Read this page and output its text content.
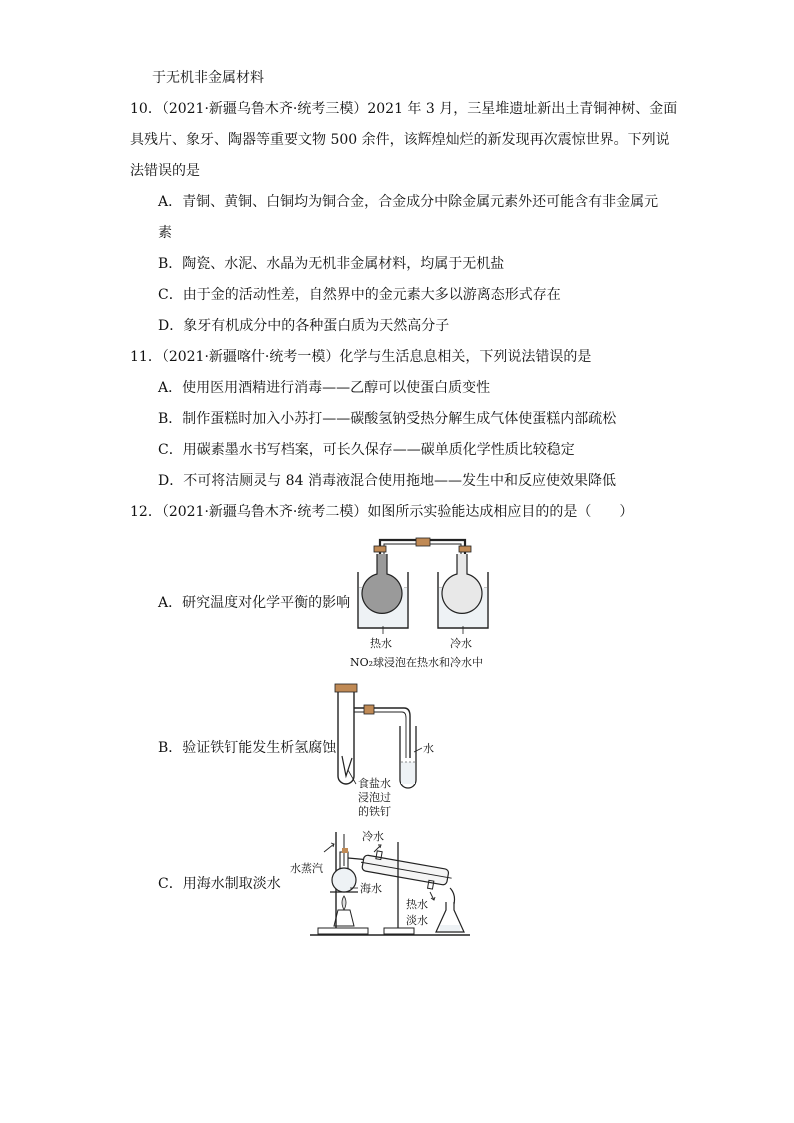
于无机非金属材料
10．（2021·新疆乌鲁木齐·统考三模）2021 年 3 月，三星堆遗址新出土青铜神树、金面
具残片、象牙、陶器等重要文物 500 余件，该辉煌灿烂的新发现再次震惊世界。下列说
法错误的是
A．青铜、黄铜、白铜均为铜合金，合金成分中除金属元素外还可能含有非金属元
素
B．陶瓷、水泥、水晶为无机非金属材料，均属于无机盐
C．由于金的活动性差，自然界中的金元素大多以游离态形式存在
D．象牙有机成分中的各种蛋白质为天然高分子
11．（2021·新疆喀什·统考一模）化学与生活息息相关，下列说法错误的是
A．使用医用酒精进行消毒——乙醇可以使蛋白质变性
B．制作蛋糕时加入小苏打——碳酸氢钠受热分解生成气体使蛋糕内部疏松
C．用碳素墨水书写档案，可长久保存——碳单质化学性质比较稳定
D．不可将洁厕灵与 84 消毒液混合使用拖地——发生中和反应使效果降低
12．（2021·新疆乌鲁木齐·统考二模）如图所示实验能达成相应目的的是（　　）
A．研究温度对化学平衡的影响
B．验证铁钉能发生析氢腐蚀
C．用海水制取淡水
热水	冷水
NO₂球浸泡在热水和冷水中
水
食盐水
浸泡过
的铁钉
冷水
水蒸 汽
海水
热水
淡水
